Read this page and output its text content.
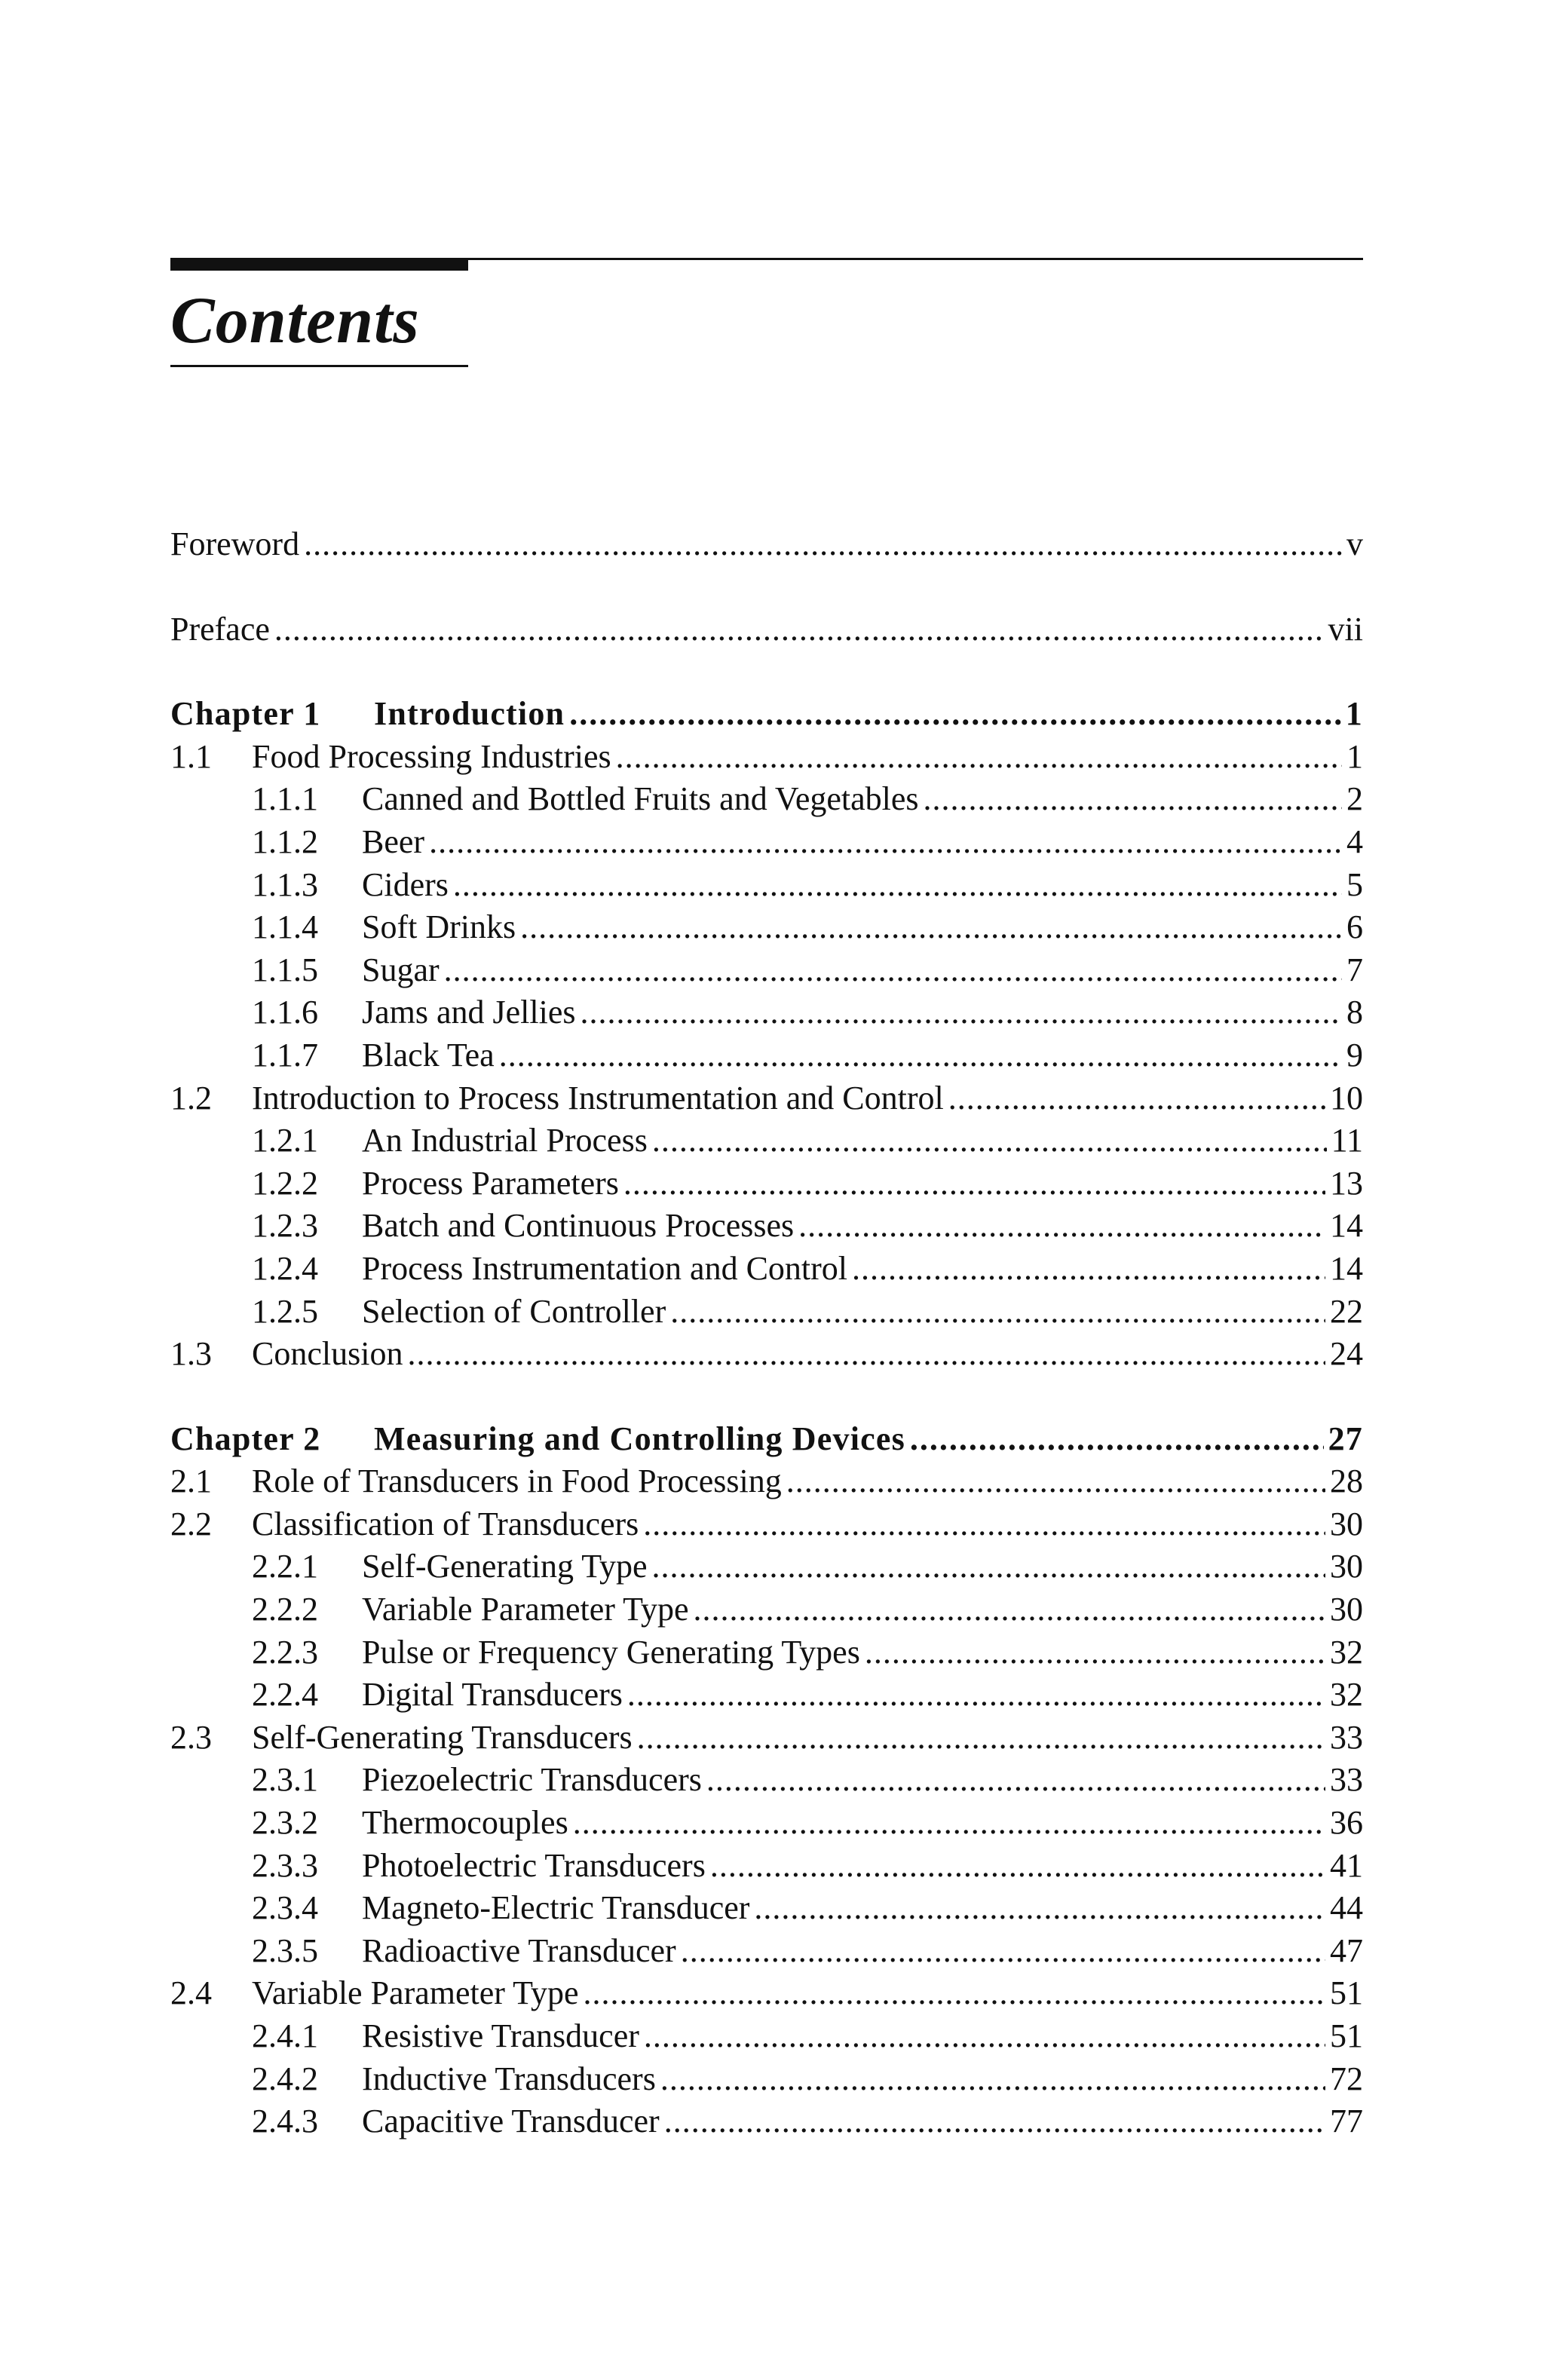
Contents
Foreword .....	v
Preface .....	vii
Chapter 1	Introduction .....	1
1.1	Food Processing Industries .....	1
1.1.1	Canned and Bottled Fruits and Vegetables .....	2
1.1.2	Beer .....	4
1.1.3	Ciders .....	5
1.1.4	Soft Drinks .....	6
1.1.5	Sugar .....	7
1.1.6	Jams and Jellies .....	8
1.1.7	Black Tea .....	9
1.2	Introduction to Process Instrumentation and Control .....	10
1.2.1	An Industrial Process .....	11
1.2.2	Process Parameters .....	13
1.2.3	Batch and Continuous Processes .....	14
1.2.4	Process Instrumentation and Control .....	14
1.2.5	Selection of Controller .....	22
1.3	Conclusion .....	24
Chapter 2	Measuring and Controlling Devices .....	27
2.1	Role of Transducers in Food Processing .....	28
2.2	Classification of Transducers .....	30
2.2.1	Self-Generating Type .....	30
2.2.2	Variable Parameter Type .....	30
2.2.3	Pulse or Frequency Generating Types .....	32
2.2.4	Digital Transducers .....	32
2.3	Self-Generating Transducers .....	33
2.3.1	Piezoelectric Transducers .....	33
2.3.2	Thermocouples .....	36
2.3.3	Photoelectric Transducers .....	41
2.3.4	Magneto-Electric Transducer .....	44
2.3.5	Radioactive Transducer .....	47
2.4	Variable Parameter Type .....	51
2.4.1	Resistive Transducer .....	51
2.4.2	Inductive Transducers .....	72
2.4.3	Capacitive Transducer .....	77
